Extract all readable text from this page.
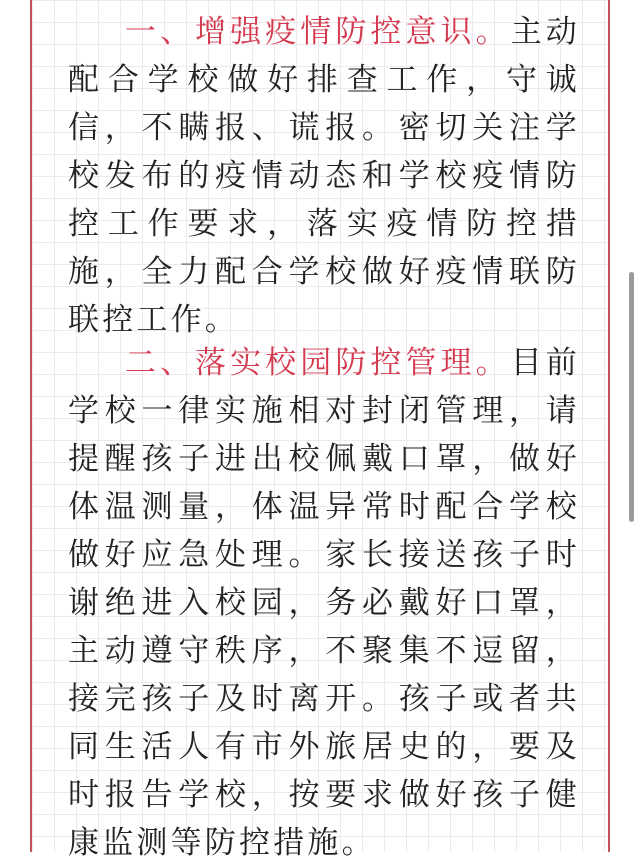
一、增强疫情防控意识。主动配合学校做好排查工作，守诚信，不瞒报、谎报。密切关注学校发布的疫情动态和学校疫情防控工作要求，落实疫情防控措施，全力配合学校做好疫情联防联控工作。
二、落实校园防控管理。目前学校一律实施相对封闭管理，请提醒孩子进出校佩戴口罩，做好体温测量，体温异常时配合学校做好应急处理。家长接送孩子时谢绝进入校园，务必戴好口罩，主动遵守秩序，不聚集不逗留，接完孩子及时离开。孩子或者共同生活人有市外旅居史的，要及时报告学校，按要求做好孩子健康监测等防控措施。
